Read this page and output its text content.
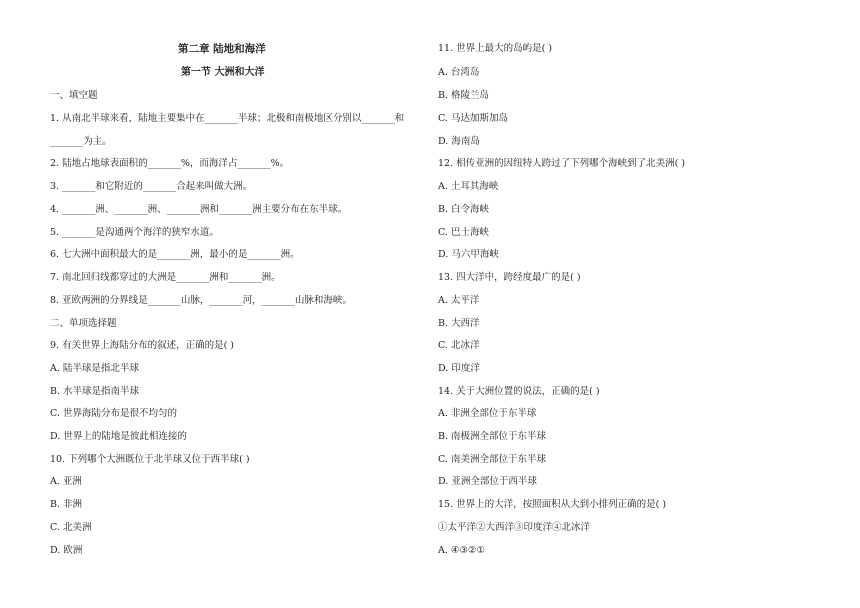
第二章 陆地和海洋
第一节 大洲和大洋
一、填空题
1. 从南北半球来看，陆地主要集中在_______半球；北极和南极地区分别以_______和
_______为主。
2. 陆地占地球表面积的_______%，而海洋占_______%。
3. _______和它附近的_______合起来叫做大洲。
4. _______洲、_______洲、_______洲和_______洲主要分布在东半球。
5. _______是沟通两个海洋的狭窄水道。
6. 七大洲中面积最大的是_______洲，最小的是_______洲。
7. 南北回归线都穿过的大洲是_______洲和_______洲。
8. 亚欧两洲的分界线是_______山脉，_______河，_______山脉和海峡。
二、单项选择题
9. 有关世界上海陆分布的叙述，正确的是( )
A. 陆半球是指北半球
B. 水半球是指南半球
C. 世界海陆分布是很不均匀的
D. 世界上的陆地是彼此相连接的
10. 下列哪个大洲既位于北半球又位于西半球( )
A. 亚洲
B. 非洲
C. 北美洲
D. 欧洲
11. 世界上最大的岛屿是( )
A. 台湾岛
B. 格陵兰岛
C. 马达加斯加岛
D. 海南岛
12. 相传亚洲的因纽特人跨过了下列哪个海峡到了北美洲( )
A. 土耳其海峡
B. 白令海峡
C. 巴士海峡
D. 马六甲海峡
13. 四大洋中，跨经度最广的是( )
A. 太平洋
B. 大西洋
C. 北冰洋
D. 印度洋
14. 关于大洲位置的说法，正确的是( )
A. 非洲全部位于东半球
B. 南极洲全部位于东半球
C. 南美洲全部位于东半球
D. 亚洲全部位于西半球
15. 世界上的大洋，按照面积从大到小排列正确的是( )
①太平洋②大西洋③印度洋④北冰洋
A. ④③②①
